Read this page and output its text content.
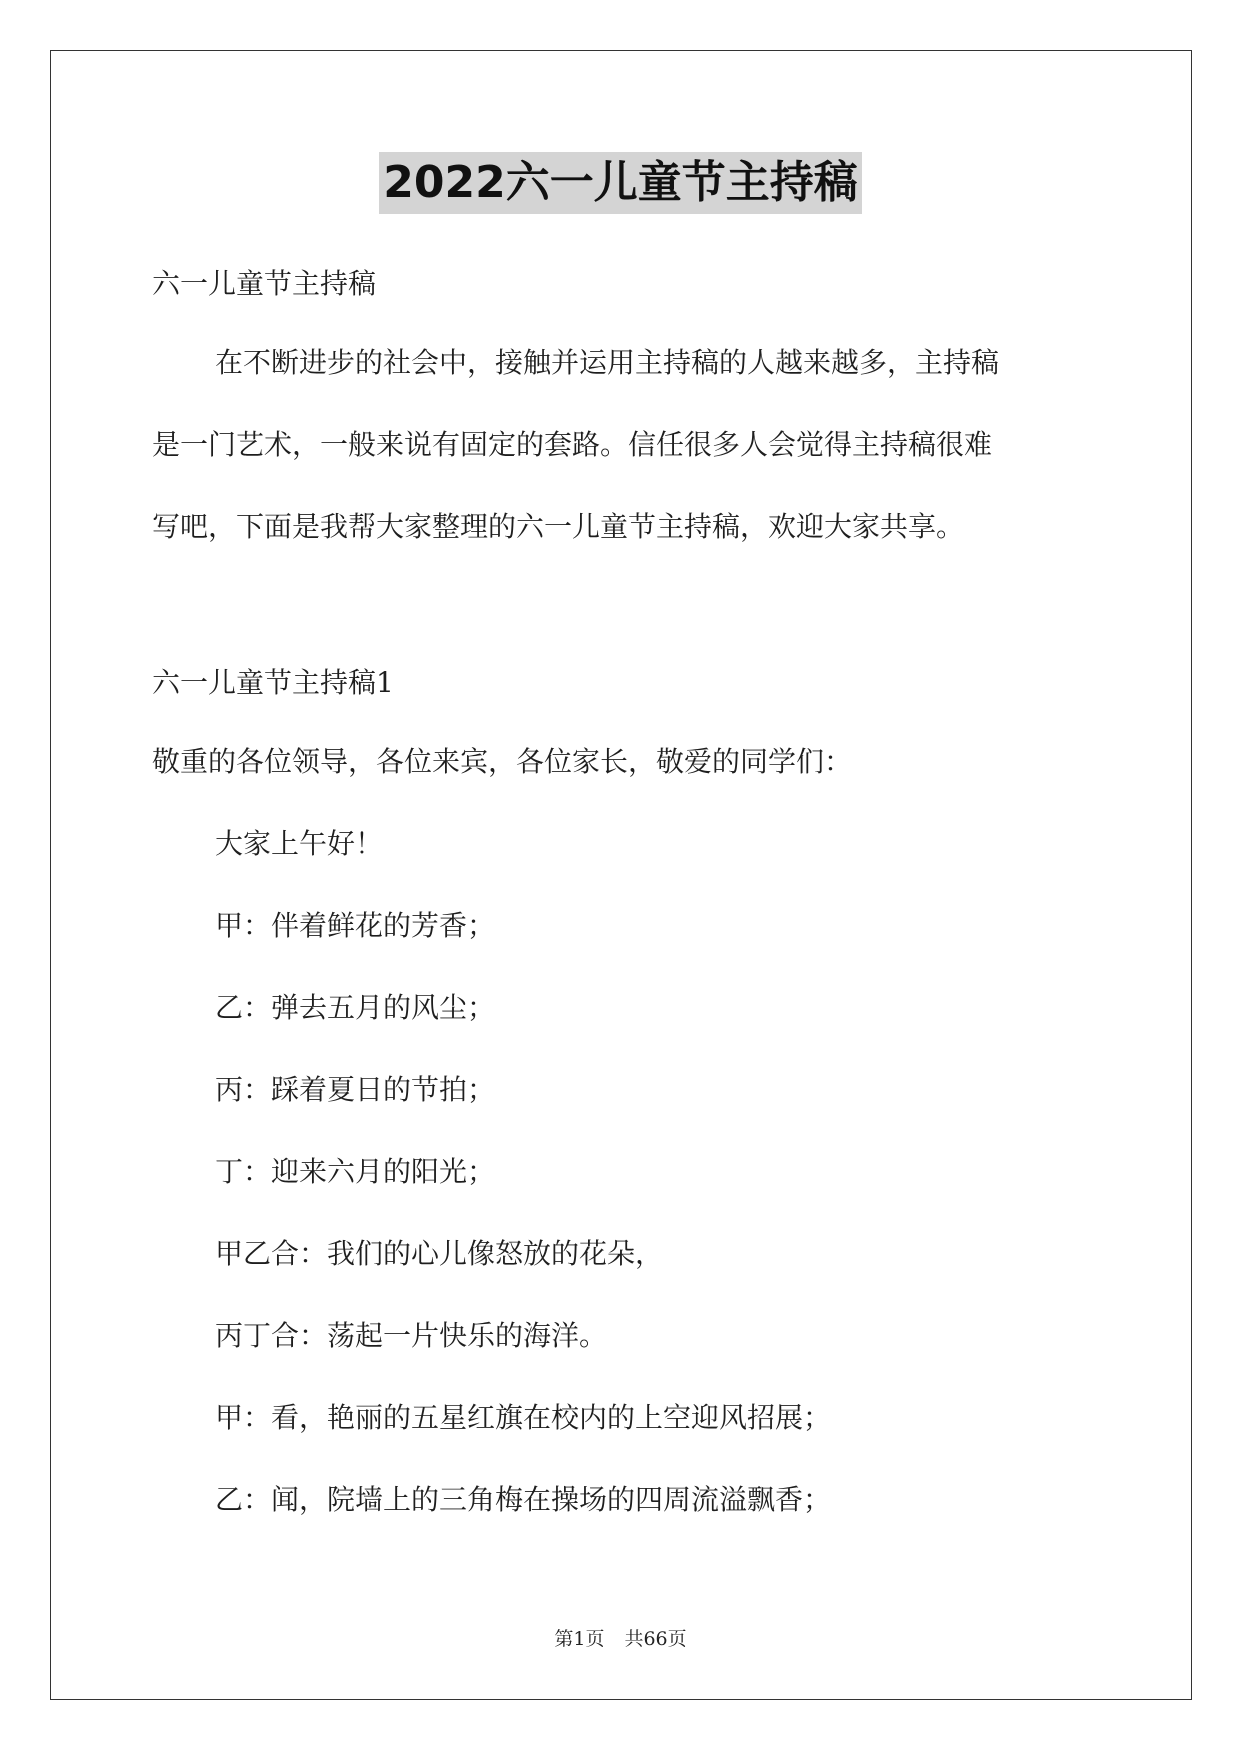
2022六一儿童节主持稿
六一儿童节主持稿
在不断进步的社会中，接触并运用主持稿的人越来越多，主持稿
是一门艺术，一般来说有固定的套路。信任很多人会觉得主持稿很难
写吧，下面是我帮大家整理的六一儿童节主持稿，欢迎大家共享。
六一儿童节主持稿1
敬重的各位领导，各位来宾，各位家长，敬爱的同学们：
大家上午好！
甲：伴着鲜花的芳香；
乙：弹去五月的风尘；
丙：踩着夏日的节拍；
丁：迎来六月的阳光；
甲乙合：我们的心儿像怒放的花朵，
丙丁合：荡起一片快乐的海洋。
甲：看，艳丽的五星红旗在校内的上空迎风招展；
乙：闻，院墙上的三角梅在操场的四周流溢飘香；
第1页 共66页
